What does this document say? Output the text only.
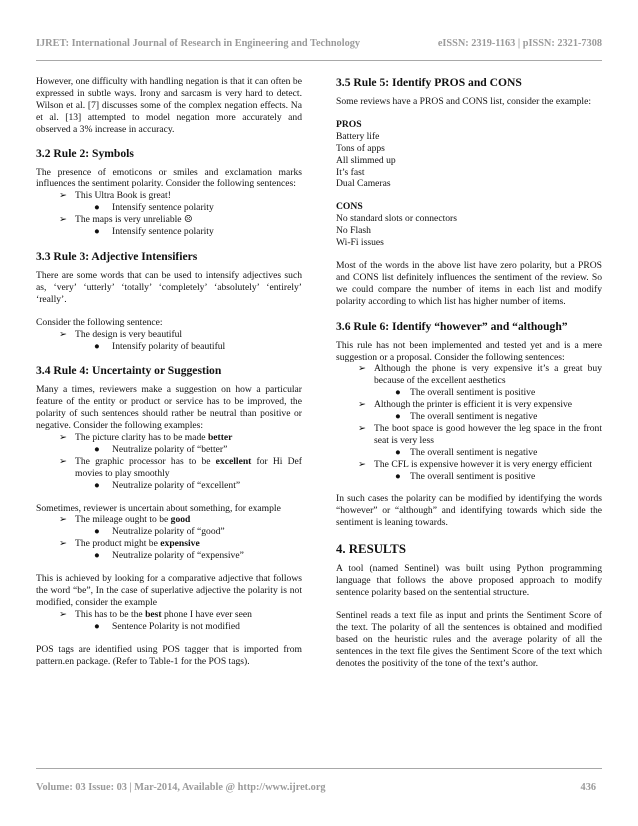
IJRET: International Journal of Research in Engineering and Technology	eISSN: 2319-1163 | pISSN: 2321-7308

However, one difficulty with handling negation is that it can often be expressed in subtle ways. Irony and sarcasm is very hard to detect. Wilson et al. [7] discusses some of the complex negation effects. Na et al. [13] attempted to model negation more accurately and observed a 3% increase in accuracy.

3.2 Rule 2: Symbols

The presence of emoticons or smiles and exclamation marks influences the sentiment polarity. Consider the following sentences:

➢ This Ultra Book is great!
● Intensify sentence polarity
➢ The maps is very unreliable ☹
● Intensify sentence polarity
3.3 Rule 3: Adjective Intensifiers

There are some words that can be used to intensify adjectives such as, ‘very’ ‘utterly’ ‘totally’ ‘completely’ ‘absolutely’ ‘entirely’ ‘really’.

Consider the following sentence:

➢ The design is very beautiful
● Intensify polarity of beautiful
3.4 Rule 4: Uncertainty or Suggestion

Many a times, reviewers make a suggestion on how a particular feature of the entity or product or service has to be improved, the polarity of such sentences should rather be neutral than positive or negative. Consider the following examples:

➢ The picture clarity has to be made better
● Neutralize polarity of “better”
➢ The graphic processor has to be excellent for Hi Def movies to play smoothly
● Neutralize polarity of “excellent”

Sometimes, reviewer is uncertain about something, for example

➢ The mileage ought to be good
● Neutralize polarity of “good”
➢ The product might be expensive
● Neutralize polarity of “expensive”

This is achieved by looking for a comparative adjective that follows the word “be”, In the case of superlative adjective the polarity is not modified, consider the example

➢ This has to be the best phone I have ever seen
● Sentence Polarity is not modified

POS tags are identified using POS tagger that is imported from pattern.en package. (Refer to Table-1 for the POS tags).

3.5 Rule 5: Identify PROS and CONS

Some reviews have a PROS and CONS list, consider the example:

PROS
Battery life
Tons of apps
All slimmed up
It’s fast
Dual Cameras
CONS
No standard slots or connectors
No Flash
Wi-Fi issues

Most of the words in the above list have zero polarity, but a PROS and CONS list definitely influences the sentiment of the review. So we could compare the number of items in each list and modify polarity according to which list has higher number of items.

3.6 Rule 6: Identify “however” and “although”

This rule has not been implemented and tested yet and is a mere suggestion or a proposal. Consider the following sentences:

➢ Although the phone is very expensive it’s a great buy because of the excellent aesthetics
● The overall sentiment is positive
➢ Although the printer is efficient it is very expensive
● The overall sentiment is negative
➢ The boot space is good however the leg space in the front seat is very less
● The overall sentiment is negative
➢ The CFL is expensive however it is very energy efficient
● The overall sentiment is positive

In such cases the polarity can be modified by identifying the words “however” or “although” and identifying towards which side the sentiment is leaning towards.

4. RESULTS

A tool (named Sentinel) was built using Python programming language that follows the above proposed approach to modify sentence polarity based on the sentential structure.

Sentinel reads a text file as input and prints the Sentiment Score of the text. The polarity of all the sentences is obtained and modified based on the heuristic rules and the average polarity of all the sentences in the text file gives the Sentiment Score of the text which denotes the positivity of the tone of the text’s author.

Volume: 03 Issue: 03 | Mar-2014, Available @ http://www.ijret.org	436
